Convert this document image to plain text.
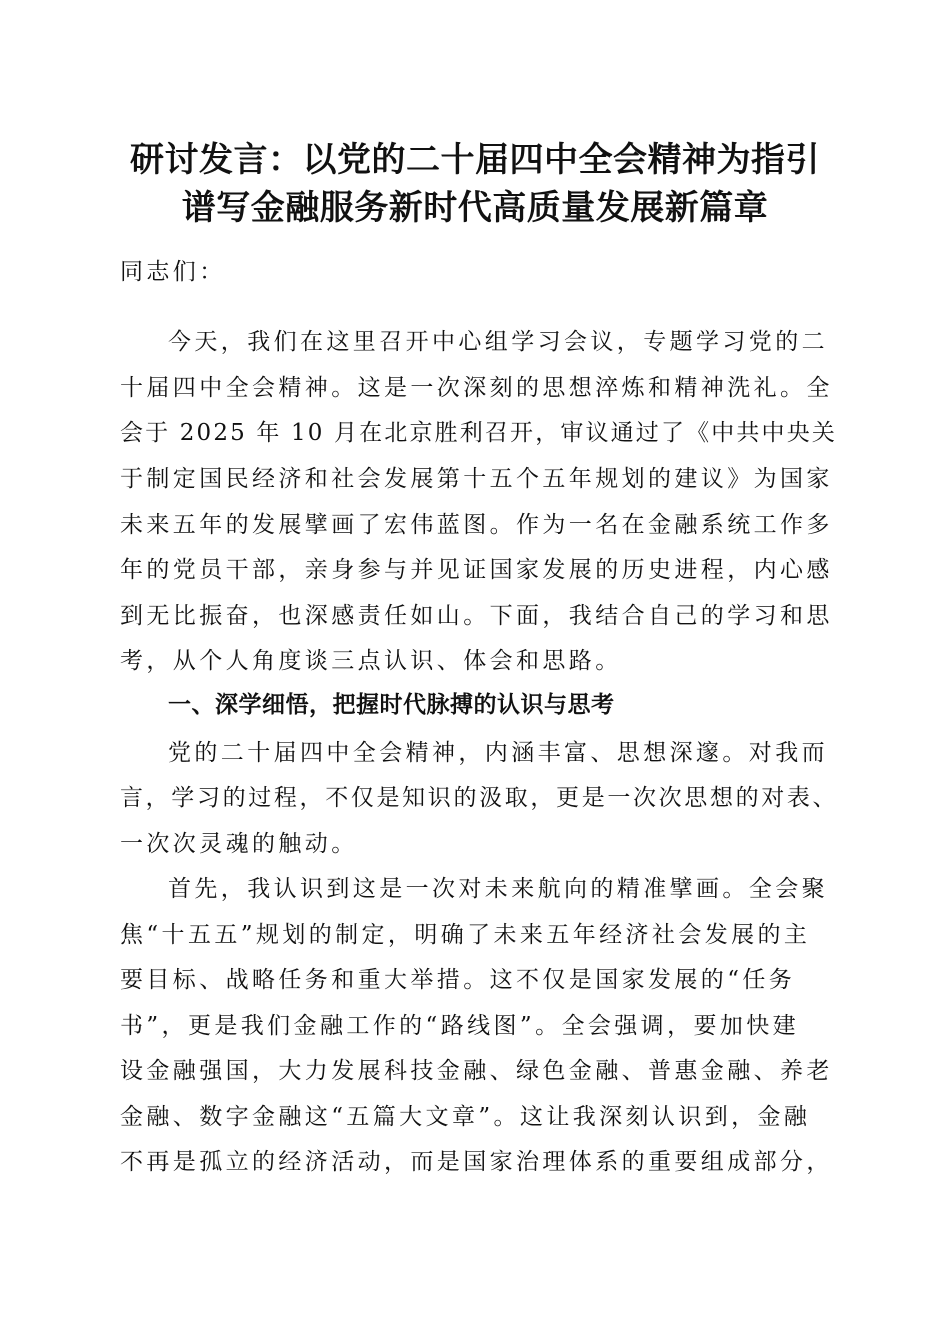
研讨发言：以党的二十届四中全会精神为指引
谱写金融服务新时代高质量发展新篇章

同志们：

今天，我们在这里召开中心组学习会议，专题学习党的二

十届四中全会精神。这是一次深刻的思想淬炼和精神洗礼。全

会于 2025 年 10 月在北京胜利召开，审议通过了《中共中央关

于制定国民经济和社会发展第十五个五年规划的建议》为国家

未来五年的发展擘画了宏伟蓝图。作为一名在金融系统工作多

年的党员干部，亲身参与并见证国家发展的历史进程，内心感

到无比振奋，也深感责任如山。下面，我结合自己的学习和思

考，从个人角度谈三点认识、体会和思路。

一、深学细悟，把握时代脉搏的认识与思考

党的二十届四中全会精神，内涵丰富、思想深邃。对我而

言，学习的过程，不仅是知识的汲取，更是一次次思想的对表、

一次次灵魂的触动。

首先，我认识到这是一次对未来航向的精准擘画。全会聚

焦“十五五”规划的制定，明确了未来五年经济社会发展的主

要目标、战略任务和重大举措。这不仅是国家发展的“任务

书”，更是我们金融工作的“路线图”。全会强调，要加快建

设金融强国，大力发展科技金融、绿色金融、普惠金融、养老

金融、数字金融这“五篇大文章”。这让我深刻认识到，金融

不再是孤立的经济活动，而是国家治理体系的重要组成部分，
